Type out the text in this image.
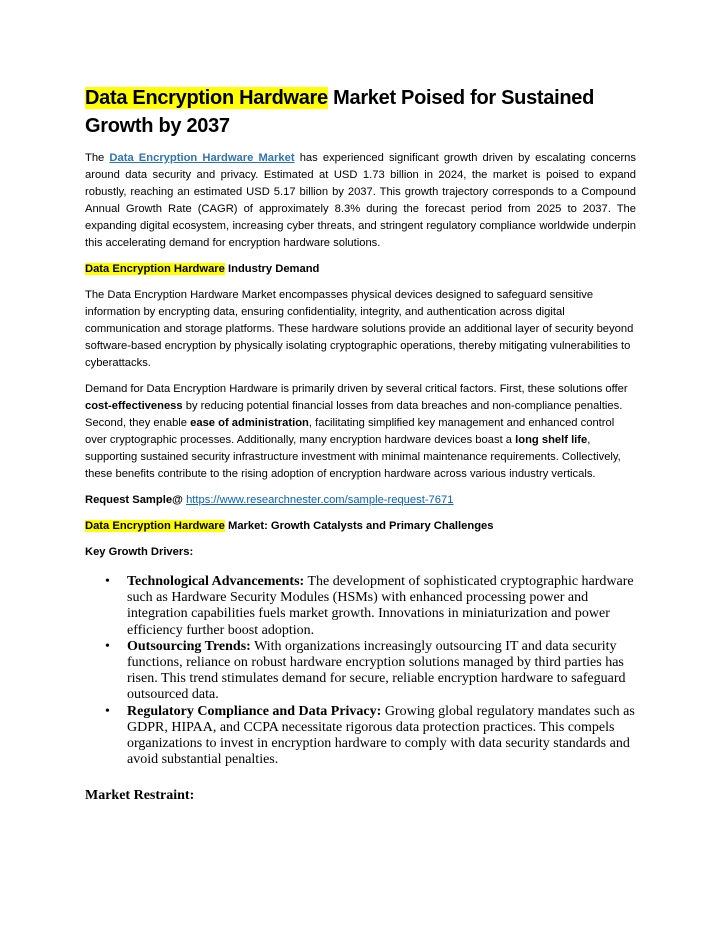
Data Encryption Hardware Market Poised for Sustained Growth by 2037

The Data Encryption Hardware Market has experienced significant growth driven by escalating concerns around data security and privacy. Estimated at USD 1.73 billion in 2024, the market is poised to expand robustly, reaching an estimated USD 5.17 billion by 2037. This growth trajectory corresponds to a Compound Annual Growth Rate (CAGR) of approximately 8.3% during the forecast period from 2025 to 2037. The expanding digital ecosystem, increasing cyber threats, and stringent regulatory compliance worldwide underpin this accelerating demand for encryption hardware solutions.

Data Encryption Hardware Industry Demand

The Data Encryption Hardware Market encompasses physical devices designed to safeguard sensitive information by encrypting data, ensuring confidentiality, integrity, and authentication across digital communication and storage platforms. These hardware solutions provide an additional layer of security beyond software-based encryption by physically isolating cryptographic operations, thereby mitigating vulnerabilities to cyberattacks.

Demand for Data Encryption Hardware is primarily driven by several critical factors. First, these solutions offer cost-effectiveness by reducing potential financial losses from data breaches and non-compliance penalties. Second, they enable ease of administration, facilitating simplified key management and enhanced control over cryptographic processes. Additionally, many encryption hardware devices boast a long shelf life, supporting sustained security infrastructure investment with minimal maintenance requirements. Collectively, these benefits contribute to the rising adoption of encryption hardware across various industry verticals.

Request Sample@ https://www.researchnester.com/sample-request-7671

Data Encryption Hardware Market: Growth Catalysts and Primary Challenges

Key Growth Drivers:

• Technological Advancements: The development of sophisticated cryptographic hardware such as Hardware Security Modules (HSMs) with enhanced processing power and integration capabilities fuels market growth. Innovations in miniaturization and power efficiency further boost adoption.
• Outsourcing Trends: With organizations increasingly outsourcing IT and data security functions, reliance on robust hardware encryption solutions managed by third parties has risen. This trend stimulates demand for secure, reliable encryption hardware to safeguard outsourced data.
• Regulatory Compliance and Data Privacy: Growing global regulatory mandates such as GDPR, HIPAA, and CCPA necessitate rigorous data protection practices. This compels organizations to invest in encryption hardware to comply with data security standards and avoid substantial penalties.
Market Restraint:
